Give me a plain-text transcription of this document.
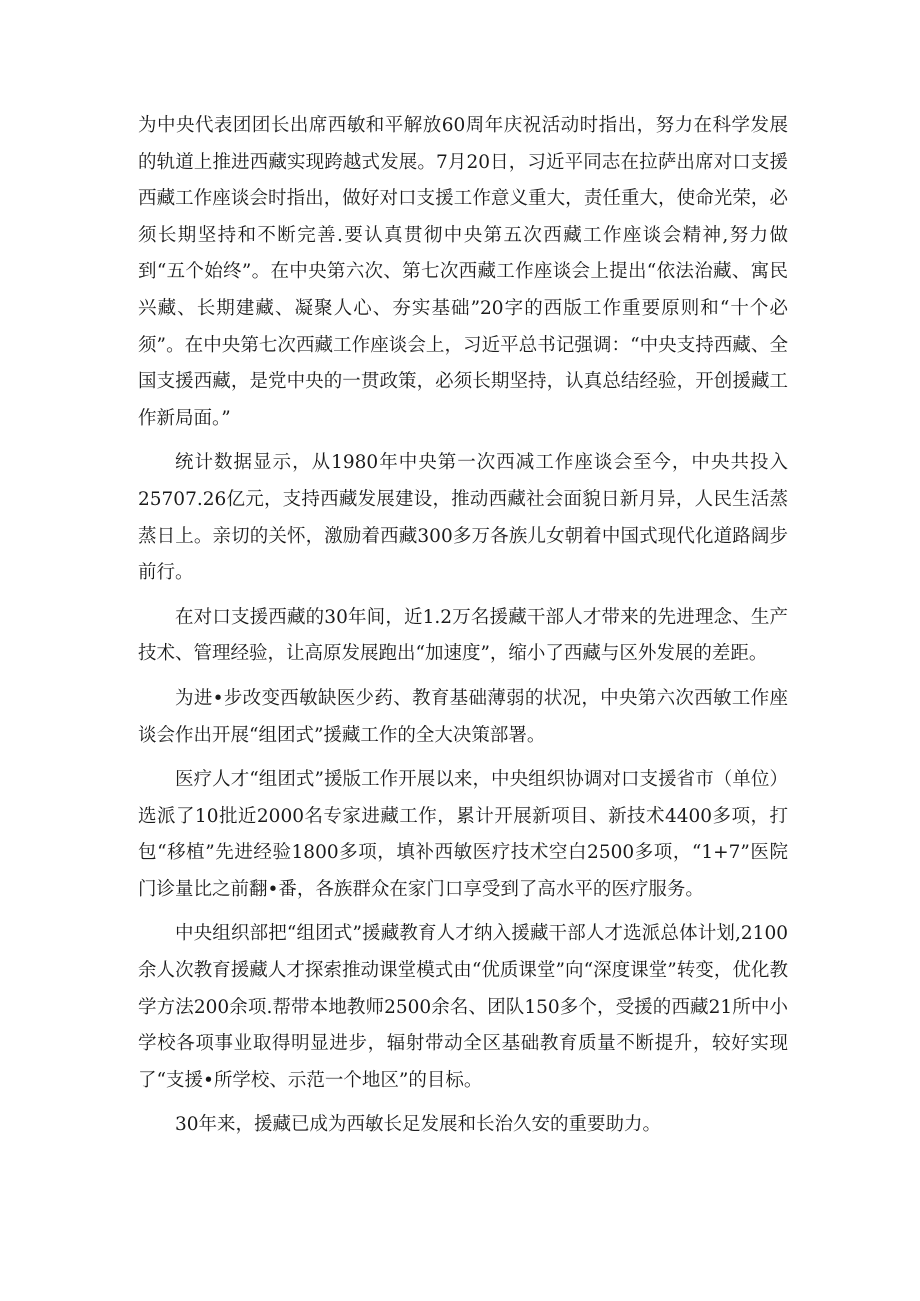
为中央代表团团长出席西敏和平解放60周年庆祝活动时指出，努力在科学发展的轨道上推进西藏实现跨越式发展。7月20日，习近平同志在拉萨出席对口支援西藏工作座谈会时指出，做好对口支援工作意义重大，责任重大，使命光荣，必须长期坚持和不断完善.要认真贯彻中央第五次西藏工作座谈会精神,努力做到“五个始终”。在中央第六次、第七次西藏工作座谈会上提出“依法治藏、寓民兴藏、长期建藏、凝聚人心、夯实基础”20字的西版工作重要原则和“十个必须”。在中央第七次西藏工作座谈会上，习近平总书记强调：“中央支持西藏、全国支援西藏，是党中央的一贯政策，必须长期坚持，认真总结经验，开创援藏工作新局面。”

统计数据显示，从1980年中央第一次西减工作座谈会至今，中央共投入25707.26亿元，支持西藏发展建设，推动西藏社会面貌日新月异，人民生活蒸蒸日上。亲切的关怀，激励着西藏300多万各族儿女朝着中国式现代化道路阔步前行。

在对口支援西藏的30年间，近1.2万名援藏干部人才带来的先进理念、生产技术、管理经验，让高原发展跑出“加速度”，缩小了西藏与区外发展的差距。

为进•步改变西敏缺医少药、教育基础薄弱的状况，中央第六次西敏工作座谈会作出开展“组团式”援藏工作的全大决策部署。

医疗人才“组团式”援版工作开展以来，中央组织协调对口支援省市（单位）选派了10批近2000名专家进藏工作，累计开展新项目、新技术4400多项，打包“移植”先进经验1800多项，填补西敏医疗技术空白2500多项，“1+7”医院门诊量比之前翻•番，各族群众在家门口享受到了高水平的医疗服务。

中央组织部把“组团式”援藏教育人才纳入援藏干部人才选派总体计划,2100余人次教育援藏人才探索推动课堂模式由“优质课堂”向“深度课堂”转变，优化教学方法200余项.帮带本地教师2500余名、团队150多个，受援的西藏21所中小学校各项事业取得明显进步，辐射带动全区基础教育质量不断提升，较好实现了“支援•所学校、示范一个地区”的目标。

30年来，援藏已成为西敏长足发展和长治久安的重要助力。
